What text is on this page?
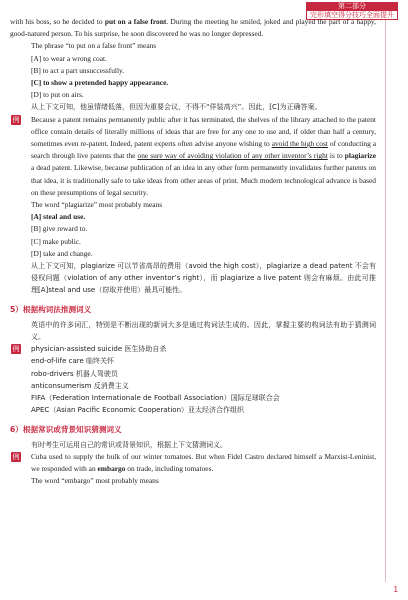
第二部分
完形填空得分技巧全面提升

with his boss, so he decided to put on a false front. During the meeting he smiled, joked and played the part of a happy, good-natured person. To his surprise, he soon discovered he was no longer depressed.

The phrase “to put on a false front” means

[A] to wear a wrong coat.

[B] to act a part unsuccessfully.

[C] to show a pretended happy appearance.

[D] to put on airs.

从上下文可知，他虽情绪低落，但因为重要会议，不得不“佯装高兴”。因此，[C]为正确答案。

例 Because a patent remains permanently public after it has terminated, the shelves of the library attached to the patent office contain details of literally millions of ideas that are free for any one to use and, if older than half a century, sometimes even re-patent. Indeed, patent experts often advise anyone wishing to avoid the high cost of conducting a search through live patents that the one sure way of avoiding violation of any other inventor’s right is to plagiarize a dead patent. Likewise, because publication of an idea in any other form permanently invalidates further patents on that idea, it is traditionally safe to take ideas from other areas of print. Much modern technological advance is based on these presumptions of legal security.

The word “plagiarize” most probably means

[A] steal and use.

[B] give reward to.

[C] make public.

[D] take and change.

从上下文可知，plagiarize 可以节省高昂的费用（avoid the high cost），plagiarize a dead patent 不会有侵权问题（violation of any other inventor’s right），而 plagiarize a live patent 则会有麻烦。由此可推理[A]steal and use（窃取并使用）最具可能性。

5）根据构词法推测词义

英语中的许多词汇，特别是不断出现的新词大多是通过构词法生成的。因此，掌握主要的构词法有助于猜测词义。

例 physician-assisted suicide 医生协助自杀

end-of-life care 临终关怀

robo-drivers 机器人驾驶员

anticonsumerism 反消费主义

FIFA（Federation Internationale de Football Association）国际足球联合会

APEC（Asian Pacific Economic Cooperation）亚太经济合作组织

6）根据常识或背景知识猜测词义

有时考生可运用自己的常识或背景知识，根据上下文猜测词义。

例 Cuba used to supply the bulk of our winter tomatoes. But when Fidel Castro declared himself a Marxist-Leninist, we responded with an embargo on trade, including tomatoes.

The word “embargo” most probably means

1
